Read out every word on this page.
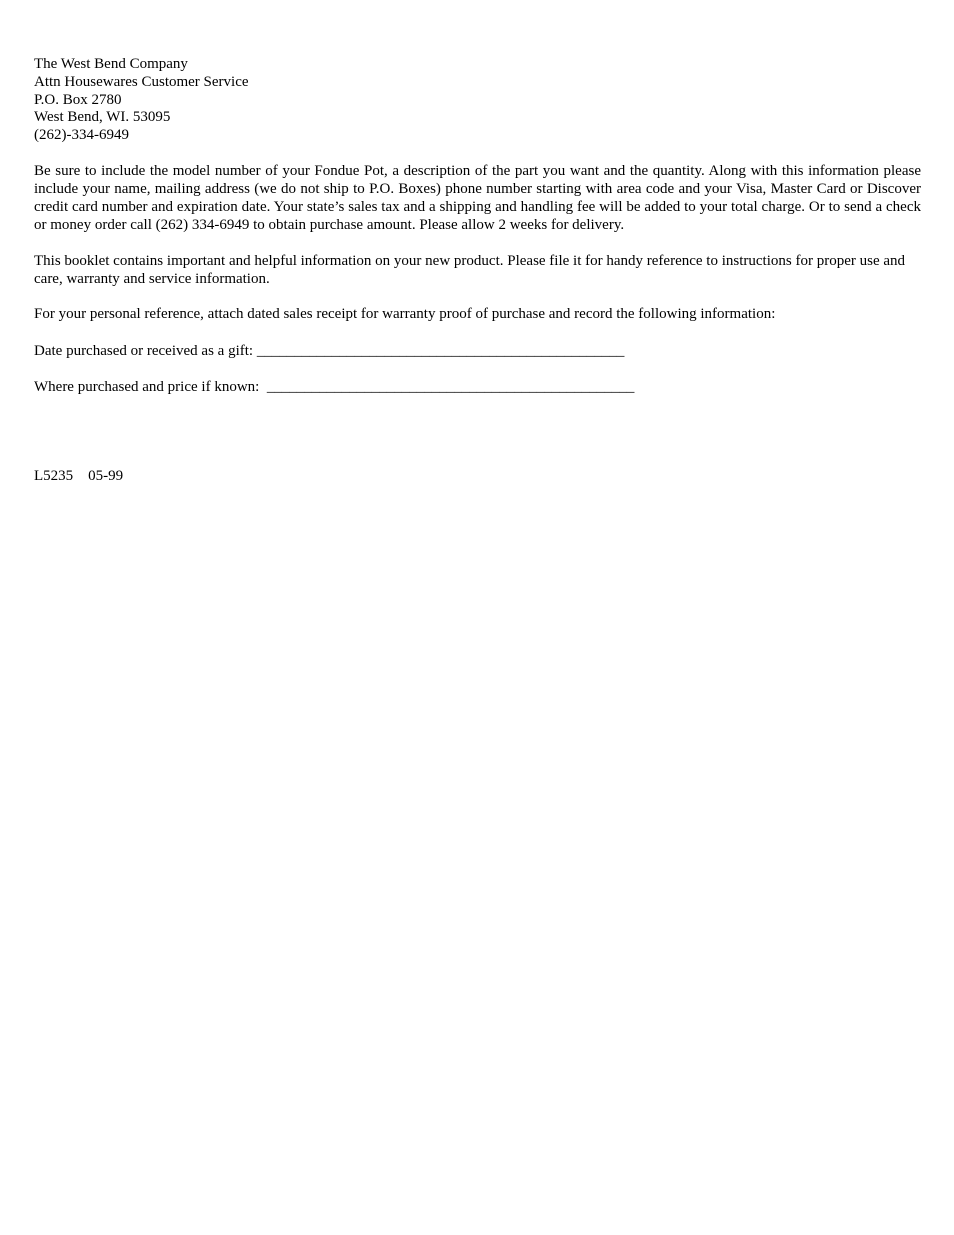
The West Bend Company
Attn Housewares Customer Service
P.O. Box 2780
West Bend, WI. 53095
(262)-334-6949
Be sure to include the model number of your Fondue Pot, a description of the part you want and the quantity. Along with this information please include your name, mailing address (we do not ship to P.O. Boxes) phone number starting with area code and your Visa, Master Card or Discover credit card number and expiration date. Your state’s sales tax and a shipping and handling fee will be added to your total charge. Or to send a check or money order call (262) 334-6949 to obtain purchase amount. Please allow 2 weeks for delivery.
This booklet contains important and helpful information on your new product. Please file it for handy reference to instructions for proper use and care, warranty and service information.
For your personal reference, attach dated sales receipt for warranty proof of purchase and record the following information:
Date purchased or received as a gift: _________________________________________________
Where purchased and price if known: _________________________________________________
L5235    05-99
